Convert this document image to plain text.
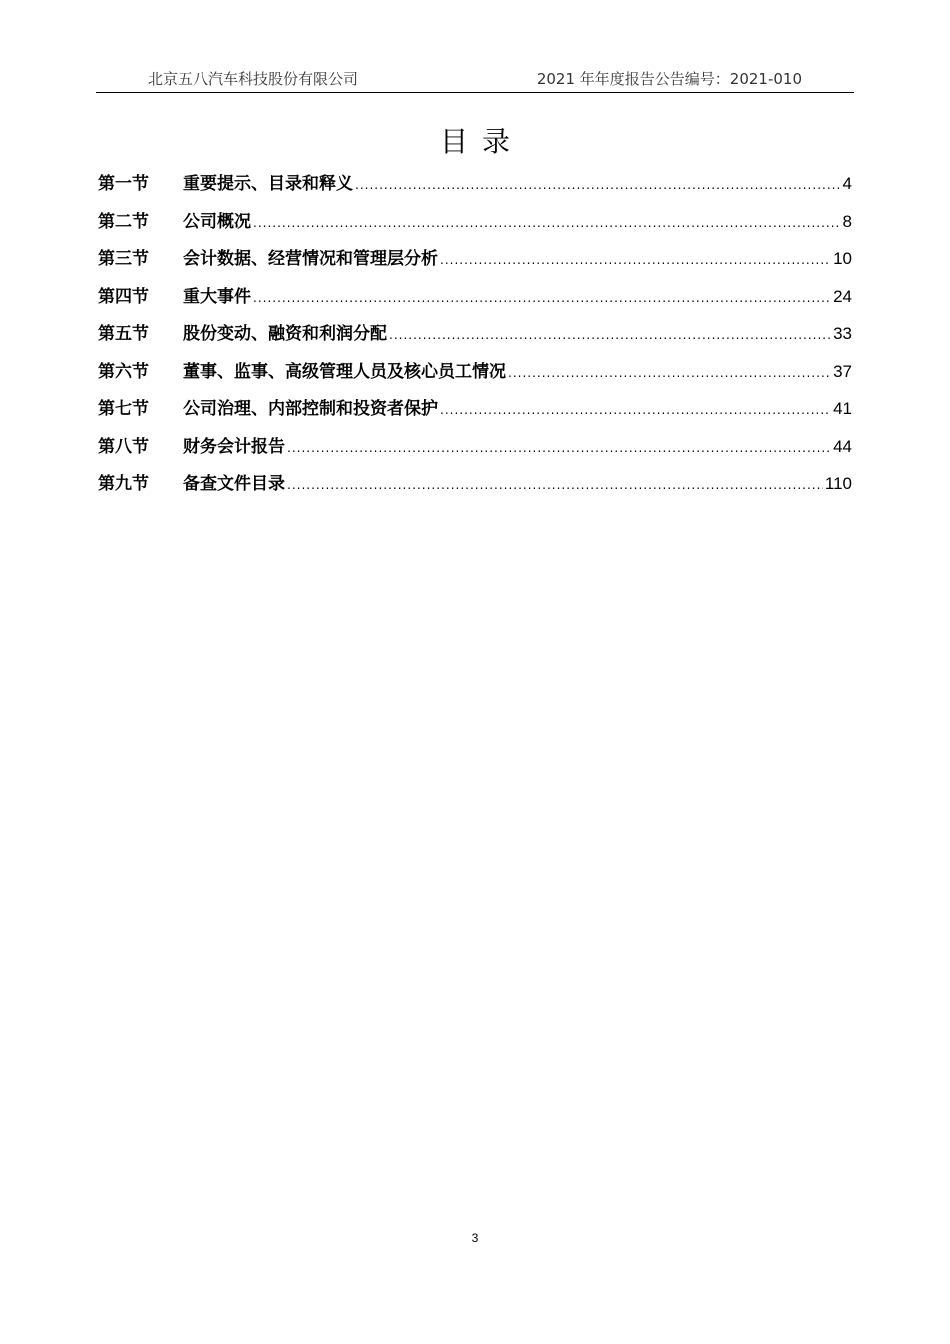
北京五八汽车科技股份有限公司	2021 年年度报告公告编号：2021-010
目录
第一节	重要提示、目录和释义 .....	4
第二节	公司概况 .....	8
第三节	会计数据、经营情况和管理层分析 .....	10
第四节	重大事件 .....	24
第五节	股份变动、融资和利润分配 .....	33
第六节	董事、监事、高级管理人员及核心员工情况 .....	37
第七节	公司治理、内部控制和投资者保护 .....	41
第八节	财务会计报告 .....	44
第九节	备查文件目录 .....	110
3
